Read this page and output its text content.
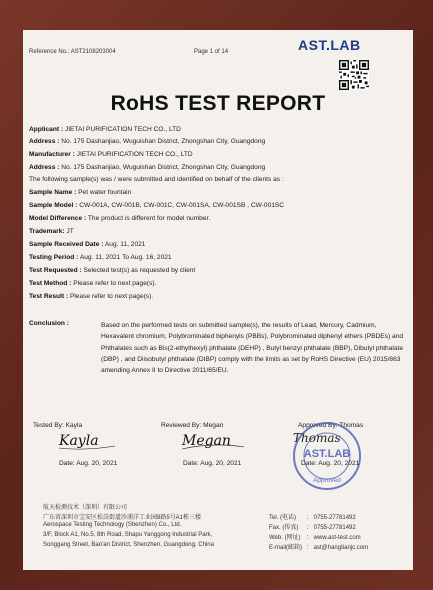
Reference No.: AST2108203004	Page 1 of 14	AST.LAB
RoHS TEST REPORT
Applicant : JIETAI PURIFICATION TECH CO., LTD
Address : No. 175 Dashanjiao, Wuguishan District, Zhongshan City, Guangdong
Manufacturer : JIETAI PURIFICATION TECH CO., LTD
Address : No. 175 Dashanjiao, Wuguishan District, Zhongshan City, Guangdong
The following sample(s) was / were submitted and identified on behalf of the clients as :
Sample Name : Pet water fountain
Sample Model : CW-001A, CW-001B, CW-001C, CW-001SA, CW-001SB , CW-001SC
Model Difference : The product is different for model number.
Trademark: JT
Sample Received Date : Aug. 11, 2021
Testing Period : Aug. 11, 2021 To Aug. 16, 2021
Test Requested : Selected test(s) as requested by client
Test Method : Please refer to next page(s).
Test Result : Please refer to next page(s).
Conclusion :	Based on the performed tests on submitted sample(s), the results of Lead, Mercury, Cadmium, Hexavalent chromium, Polybrominated biphenyls (PBBs), Polybrominated diphenyl ethers (PBDEs) and Phthalates such as Bis(2-ethylhexyl) phthalate (DEHP) , Butyl benzyl phthalate (BBP), Dibutyl phthalate (DBP) , and Diisobutyl phthalate (DIBP) comply with the limits as set by RoHS Directive (EU) 2015/863 amending Annex II to Directive 2011/65/EU.
Tested By: Kayla	Reviewed By: Megan	Approved By: Thomas
Kayla	Megan	Thomas
AST.LAB
Approved
Date: Aug. 20, 2021	Date: Aug. 20, 2021	Date: Aug. 20, 2021
航天检测技术（深圳）有限公司
广东省深圳市宝安区松岗街道沙浦洋工业园8路5号A1栋三楼
Aerospace Testing Technology (Shenzhen) Co., Ltd.
3/F, Block A1, No.5, 8th Road, Shapu Yanggong Industrial Park,
Songgang Street, Bao'an District, Shenzhen, Guangdong, China
Tel. (电话) ： 0755-27781492
Fax. (传真) ： 0755-27781492
Web. (网址) ： www.ast-test.com
E-mail(邮箱) ： ast@hangtianjc.com
